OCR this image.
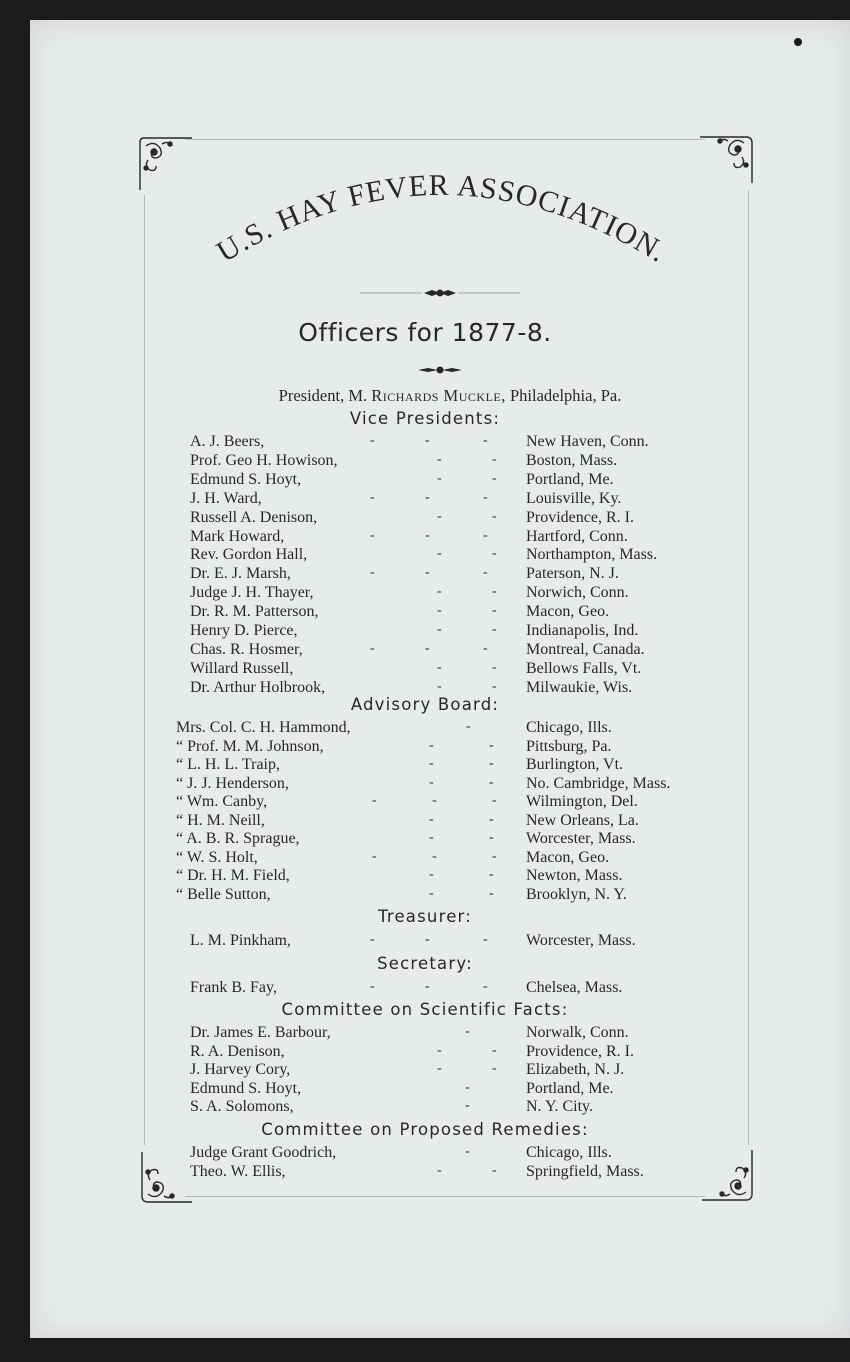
U.S. HAY FEVER ASSOCIATION.
Officers for 1877-8.
President, M. Richards Muckle, Philadelphia, Pa.
Vice Presidents:
A. J. Beers,	-	-	- New Haven, Conn.
Prof. Geo H. Howison,	-	- Boston, Mass.
Edmund S. Hoyt,	-	- Portland, Me.
J. H. Ward,	-	-	- Louisville, Ky.
Russell A. Denison,	-	- Providence, R. I.
Mark Howard,	-	-	- Hartford, Conn.
Rev. Gordon Hall,	-	- Northampton, Mass.
Dr. E. J. Marsh,	-	-	- Paterson, N. J.
Judge J. H. Thayer,	-	- Norwich, Conn.
Dr. R. M. Patterson,	-	- Macon, Geo.
Henry D. Pierce,	-	- Indianapolis, Ind.
Chas. R. Hosmer,	-	-	- Montreal, Canada.
Willard Russell,	-	- Bellows Falls, Vt.
Dr. Arthur Holbrook,	-	- Milwaukie, Wis.
Advisory Board:
Mrs. Col. C. H. Hammond,	-	Chicago, Ills.
“ Prof. M. M. Johnson,	-	- Pittsburg, Pa.
“ L. H. L. Traip,	-	- Burlington, Vt.
“ J. J. Henderson,	-	- No. Cambridge, Mass.
“ Wm. Canby,	-	-	- Wilmington, Del.
“ H. M. Neill,	-	- New Orleans, La.
“ A. B. R. Sprague,	-	- Worcester, Mass.
“ W. S. Holt,	-	-	- Macon, Geo.
“ Dr. H. M. Field,	-	- Newton, Mass.
“ Belle Sutton,	-	- Brooklyn, N. Y.
Treasurer:
L. M. Pinkham,	-	-	- Worcester, Mass.
Secretary:
Frank B. Fay,	-	-	- Chelsea, Mass.
Committee on Scientific Facts:
Dr. James E. Barbour,	-	Norwalk, Conn.
R. A. Denison,	-	- Providence, R. I.
J. Harvey Cory,	-	- Elizabeth, N. J.
Edmund S. Hoyt,	-	Portland, Me.
S. A. Solomons,	-	N. Y. City.
Committee on Proposed Remedies:
Judge Grant Goodrich,	-	Chicago, Ills.
Theo. W. Ellis,	-	- Springfield, Mass.
